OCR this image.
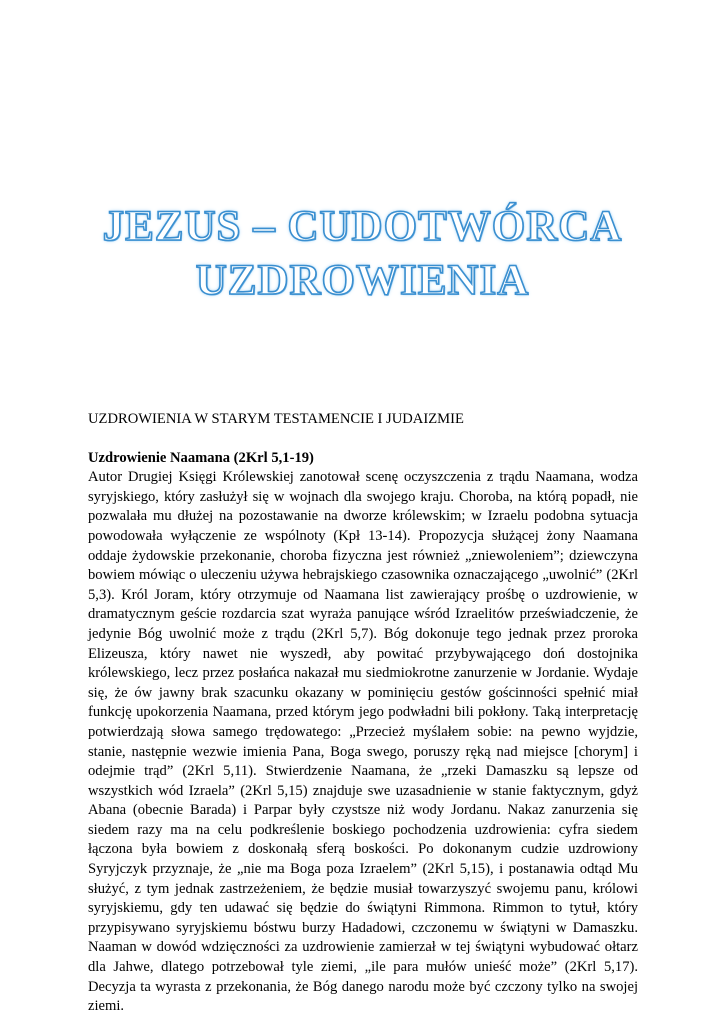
JEZUS – CUDOTWÓRCA
UZDROWIENIA

UZDROWIENIA W STARYM TESTAMENCIE I JUDAIZMIE

Uzdrowienie Naamana (2Krl 5,1-19)

Autor Drugiej Księgi Królewskiej zanotował scenę oczyszczenia z trądu Naamana, wodza syryjskiego, który zasłużył się w wojnach dla swojego kraju. Choroba, na którą popadł, nie pozwalała mu dłużej na pozostawanie na dworze królewskim; w Izraelu podobna sytuacja powodowała wyłączenie ze wspólnoty (Kpł 13-14). Propozycja służącej żony Naamana oddaje żydowskie przekonanie, choroba fizyczna jest również „zniewoleniem”; dziewczyna bowiem mówiąc o uleczeniu używa hebrajskiego czasownika oznaczającego „uwolnić” (2Krl 5,3). Król Joram, który otrzymuje od Naamana list zawierający prośbę o uzdrowienie, w dramatycznym geście rozdarcia szat wyraża panujące wśród Izraelitów przeświadczenie, że jedynie Bóg uwolnić może z trądu (2Krl 5,7). Bóg dokonuje tego jednak przez proroka Elizeusza, który nawet nie wyszedł, aby powitać przybywającego doń dostojnika królewskiego, lecz przez posłańca nakazał mu siedmiokrotne zanurzenie w Jordanie. Wydaje się, że ów jawny brak szacunku okazany w pominięciu gestów gościnności spełnić miał funkcję upokorzenia Naamana, przed którym jego podwładni bili pokłony. Taką interpretację potwierdzają słowa samego trędowatego: „Przecież myślałem sobie: na pewno wyjdzie, stanie, następnie wezwie imienia Pana, Boga swego, poruszy ręką nad miejsce [chorym] i odejmie trąd” (2Krl 5,11). Stwierdzenie Naamana, że „rzeki Damaszku są lepsze od wszystkich wód Izraela” (2Krl 5,15) znajduje swe uzasadnienie w stanie faktycznym, gdyż Abana (obecnie Barada) i Parpar były czystsze niż wody Jordanu. Nakaz zanurzenia się siedem razy ma na celu podkreślenie boskiego pochodzenia uzdrowienia: cyfra siedem łączona była bowiem z doskonałą sferą boskości. Po dokonanym cudzie uzdrowiony Syryjczyk przyznaje, że „nie ma Boga poza Izraelem” (2Krl 5,15), i postanawia odtąd Mu służyć, z tym jednak zastrzeżeniem, że będzie musiał towarzyszyć swojemu panu, królowi syryjskiemu, gdy ten udawać się będzie do świątyni Rimmona. Rimmon to tytuł, który przypisywano syryjskiemu bóstwu burzy Hadadowi, czczonemu w świątyni w Damaszku. Naaman w dowód wdzięczności za uzdrowienie zamierzał w tej świątyni wybudować ołtarz dla Jahwe, dlatego potrzebował tyle ziemi, „ile para mułów unieść może” (2Krl 5,17). Decyzja ta wyrasta z przekonania, że Bóg danego narodu może być czczony tylko na swojej ziemi.
